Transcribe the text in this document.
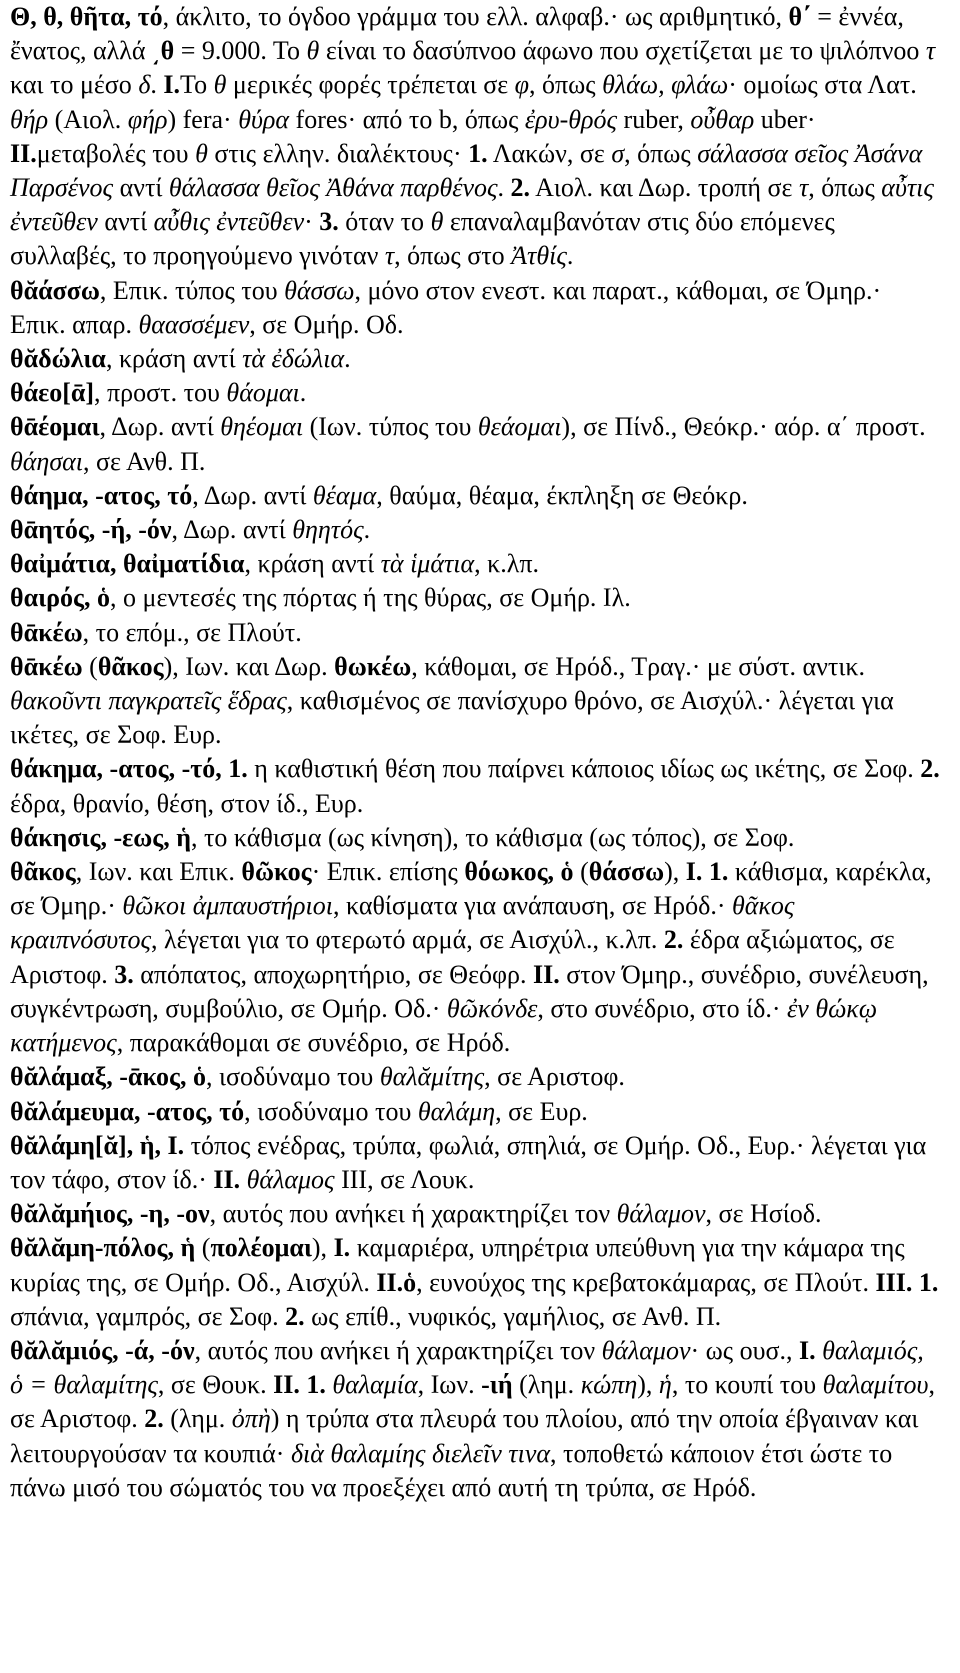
Θ, θ, θῆτα, τό, άκλιτο, το όγδοο γράμμα του ελλ. αλφαβ.· ως αριθμητικό, θ΄ = ἐννέα, ἔνατος, αλλά ͵θ = 9.000. Το θ είναι το δασύπνοο άφωνο που σχετίζεται με το ψιλόπνοο τ και το μέσο δ. I.Το θ μερικές φορές τρέπεται σε φ, όπως θλάω, φλάω· ομοίως στα Λατ. θήρ (Αιολ. φήρ) fera· θύρα fores· από το b, όπως ἐρυ-θρός ruber, οὖθαρ uber· II.μεταβολές του θ στις ελλην. διαλέκτους· 1. Λακών, σε σ, όπως σάλασσα σεῖος Ἀσάνα Παρσένος αντί θάλασσα θεῖος Ἀθάνα παρθένος. 2. Αιολ. και Δωρ. τροπή σε τ, όπως αὖτις ἐντεῦθεν αντί αὖθις ἐντεῦθεν· 3. όταν το θ επαναλαμβανόταν στις δύο επόμενες συλλαβές, το προηγούμενο γινόταν τ, όπως στο Ἀτθίς.

θᾰάσσω, Επικ. τύπος του θάσσω, μόνο στον ενεστ. και παρατ., κάθομαι, σε Όμηρ.· Επικ. απαρ. θαασσέμεν, σε Ομήρ. Οδ.

θᾰδώλια, κράση αντί τὰ ἐδώλια.

θάεο[ᾱ], προστ. του θάομαι.

θᾱέομαι, Δωρ. αντί θηέομαι (Ιων. τύπος του θεάομαι), σε Πίνδ., Θεόκρ.· αόρ. α΄ προστ. θάησαι, σε Ανθ. Π.

θάημα, -ατος, τό, Δωρ. αντί θέαμα, θαύμα, θέαμα, έκπληξη σε Θεόκρ.

θᾱητός, -ή, -όν, Δωρ. αντί θηητός.

θαἰμάτια, θαἰματίδια, κράση αντί τὰ ἱμάτια, κ.λπ.

θαιρός, ὁ, ο μεντεσές της πόρτας ή της θύρας, σε Ομήρ. Ιλ.

θᾱκέω, το επόμ., σε Πλούτ.

θᾱκέω (θᾶκος), Ιων. και Δωρ. θωκέω, κάθομαι, σε Ηρόδ., Τραγ.· με σύστ. αντικ. θακοῦντι παγκρατεῖς ἕδρας, καθισμένος σε πανίσχυρο θρόνο, σε Αισχύλ.· λέγεται για ικέτες, σε Σοφ. Ευρ.

θάκημα, -ατος, -τό, 1. η καθιστική θέση που παίρνει κάποιος ιδίως ως ικέτης, σε Σοφ. 2. έδρα, θρανίο, θέση, στον ίδ., Ευρ.

θάκησις, -εως, ἡ, το κάθισμα (ως κίνηση), το κάθισμα (ως τόπος), σε Σοφ.

θᾶκος, Ιων. και Επικ. θῶκος· Επικ. επίσης θόωκος, ὁ (θάσσω), I. 1. κάθισμα, καρέκλα, σε Όμηρ.· θῶκοι ἀμπαυστήριοι, καθίσματα για ανάπαυση, σε Ηρόδ.· θᾶκος κραιπνόσυτος, λέγεται για το φτερωτό αρμά, σε Αισχύλ., κ.λπ. 2. έδρα αξιώματος, σε Αριστοφ. 3. απόπατος, αποχωρητήριο, σε Θεόφρ. II. στον Όμηρ., συνέδριο, συνέλευση, συγκέντρωση, συμβούλιο, σε Ομήρ. Οδ.· θῶκόνδε, στο συνέδριο, στο ίδ.· ἐν θώκῳ κατήμενος, παρακάθομαι σε συνέδριο, σε Ηρόδ.

θᾰλάμαξ, -ᾱκος, ὁ, ισοδύναμο του θαλᾰμίτης, σε Αριστοφ.

θᾰλάμευμα, -ατος, τό, ισοδύναμο του θαλάμη, σε Ευρ.

θᾰλάμη[ᾰ], ἡ, I. τόπος ενέδρας, τρύπα, φωλιά, σπηλιά, σε Ομήρ. Οδ., Ευρ.· λέγεται για τον τάφο, στον ίδ.· II. θάλαμος III, σε Λουκ.

θᾰλᾰμήιος, -η, -ον, αυτός που ανήκει ή χαρακτηρίζει τον θάλαμον, σε Ησίοδ.

θᾰλᾰμη-πόλος, ἡ (πολέομαι), I. καμαριέρα, υπηρέτρια υπεύθυνη για την κάμαρα της κυρίας της, σε Ομήρ. Οδ., Αισχύλ. II.ὁ, ευνούχος της κρεβατοκάμαρας, σε Πλούτ. III. 1. σπάνια, γαμπρός, σε Σοφ. 2. ως επίθ., νυφικός, γαμήλιος, σε Ανθ. Π.

θᾰλᾰμιός, -ά, -όν, αυτός που ανήκει ή χαρακτηρίζει τον θάλαμον· ως ουσ., I. θαλαμιός, ὁ = θαλαμίτης, σε Θουκ. II. 1. θαλαμία, Ιων. -ιή (λημ. κώπη), ἡ, το κουπί του θαλαμίτου, σε Αριστοφ. 2. (λημ. ὀπὴ) η τρύπα στα πλευρά του πλοίου, από την οποία έβγαιναν και λειτουργούσαν τα κουπιά· διὰ θαλαμίης διελεῖν τινα, τοποθετώ κάποιον έτσι ώστε το πάνω μισό του σώματός του να προεξέχει από αυτή τη τρύπα, σε Ηρόδ.
